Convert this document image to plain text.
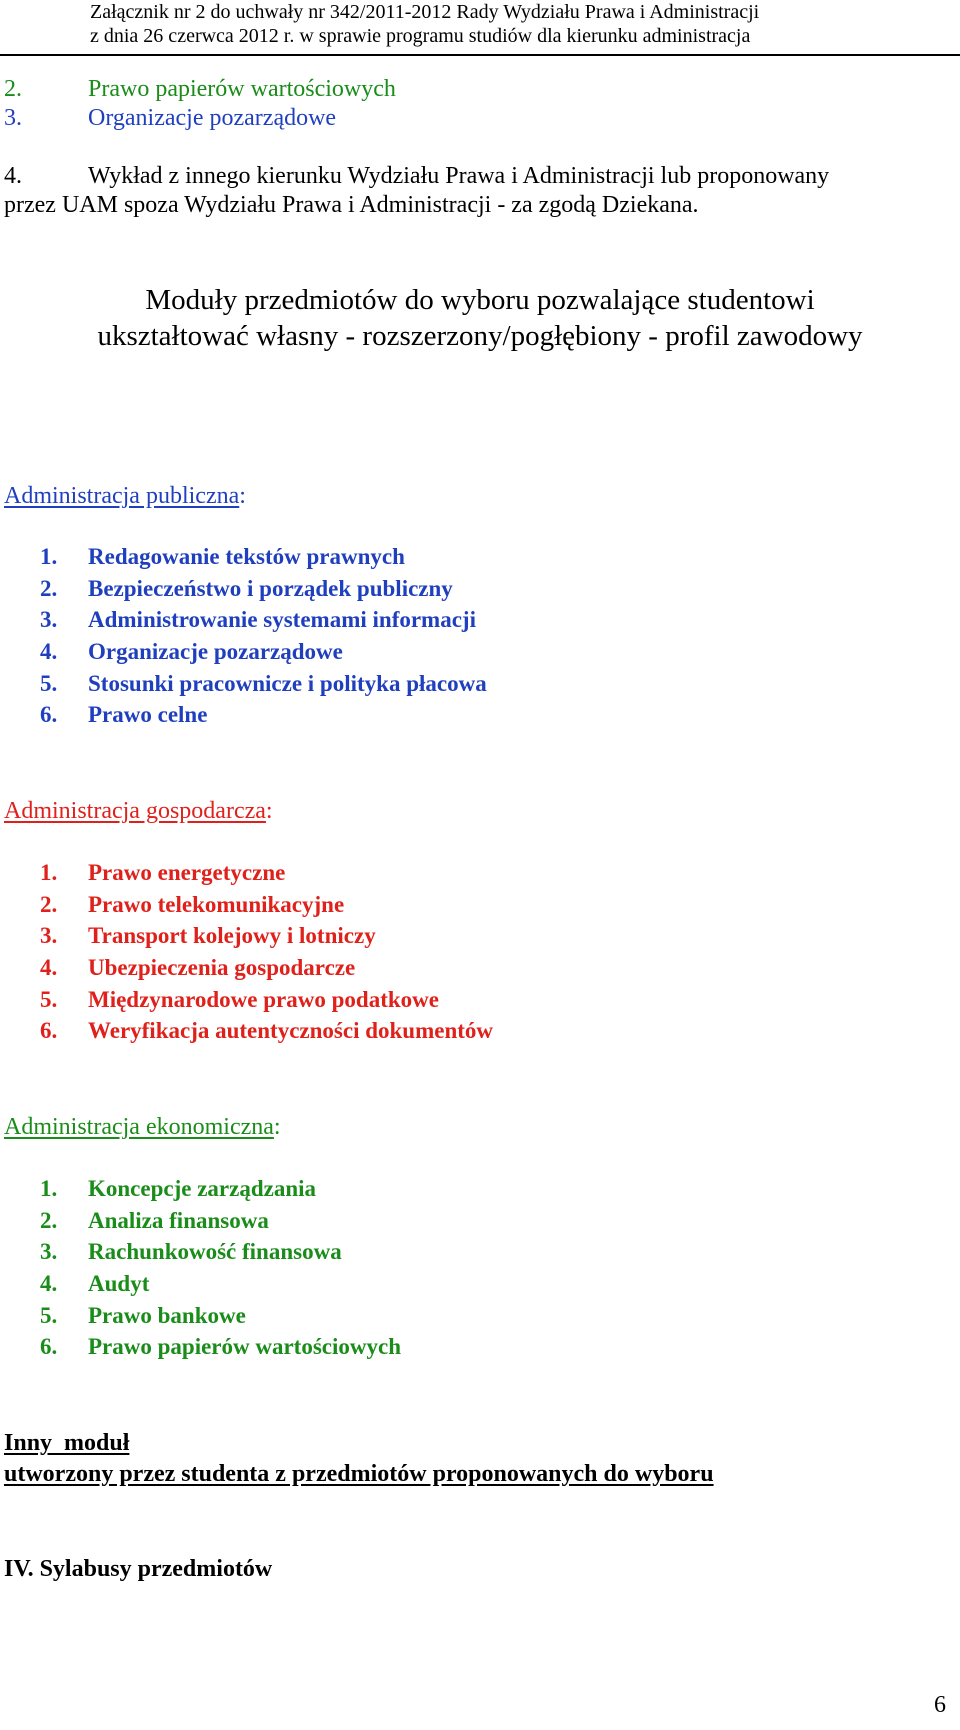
Załącznik nr 2 do uchwały nr 342/2011-2012 Rady Wydziału Prawa i Administracji
z dnia 26 czerwca 2012 r. w sprawie programu studiów dla kierunku administracja
2.	Prawo papierów wartościowych
3.	Organizacje pozarządowe
4.	Wykład z innego kierunku Wydziału Prawa i Administracji lub proponowany
przez UAM spoza Wydziału Prawa i Administracji - za zgodą Dziekana.
Moduły przedmiotów do wyboru pozwalające studentowi
ukształtować własny - rozszerzony/pogłębiony - profil zawodowy
Administracja publiczna:
1. Redagowanie tekstów prawnych
2. Bezpieczeństwo i porządek publiczny
3. Administrowanie systemami informacji
4. Organizacje pozarządowe
5. Stosunki pracownicze i polityka płacowa
6. Prawo celne
Administracja gospodarcza:
1. Prawo energetyczne
2. Prawo telekomunikacyjne
3. Transport kolejowy i lotniczy
4. Ubezpieczenia gospodarcze
5. Międzynarodowe prawo podatkowe
6. Weryfikacja autentyczności dokumentów
Administracja ekonomiczna:
1. Koncepcje zarządzania
2. Analiza finansowa
3. Rachunkowość finansowa
4. Audyt
5. Prawo bankowe
6. Prawo papierów wartościowych
Inny  moduł
utworzony przez studenta z przedmiotów proponowanych do wyboru
IV. Sylabusy przedmiotów
6
